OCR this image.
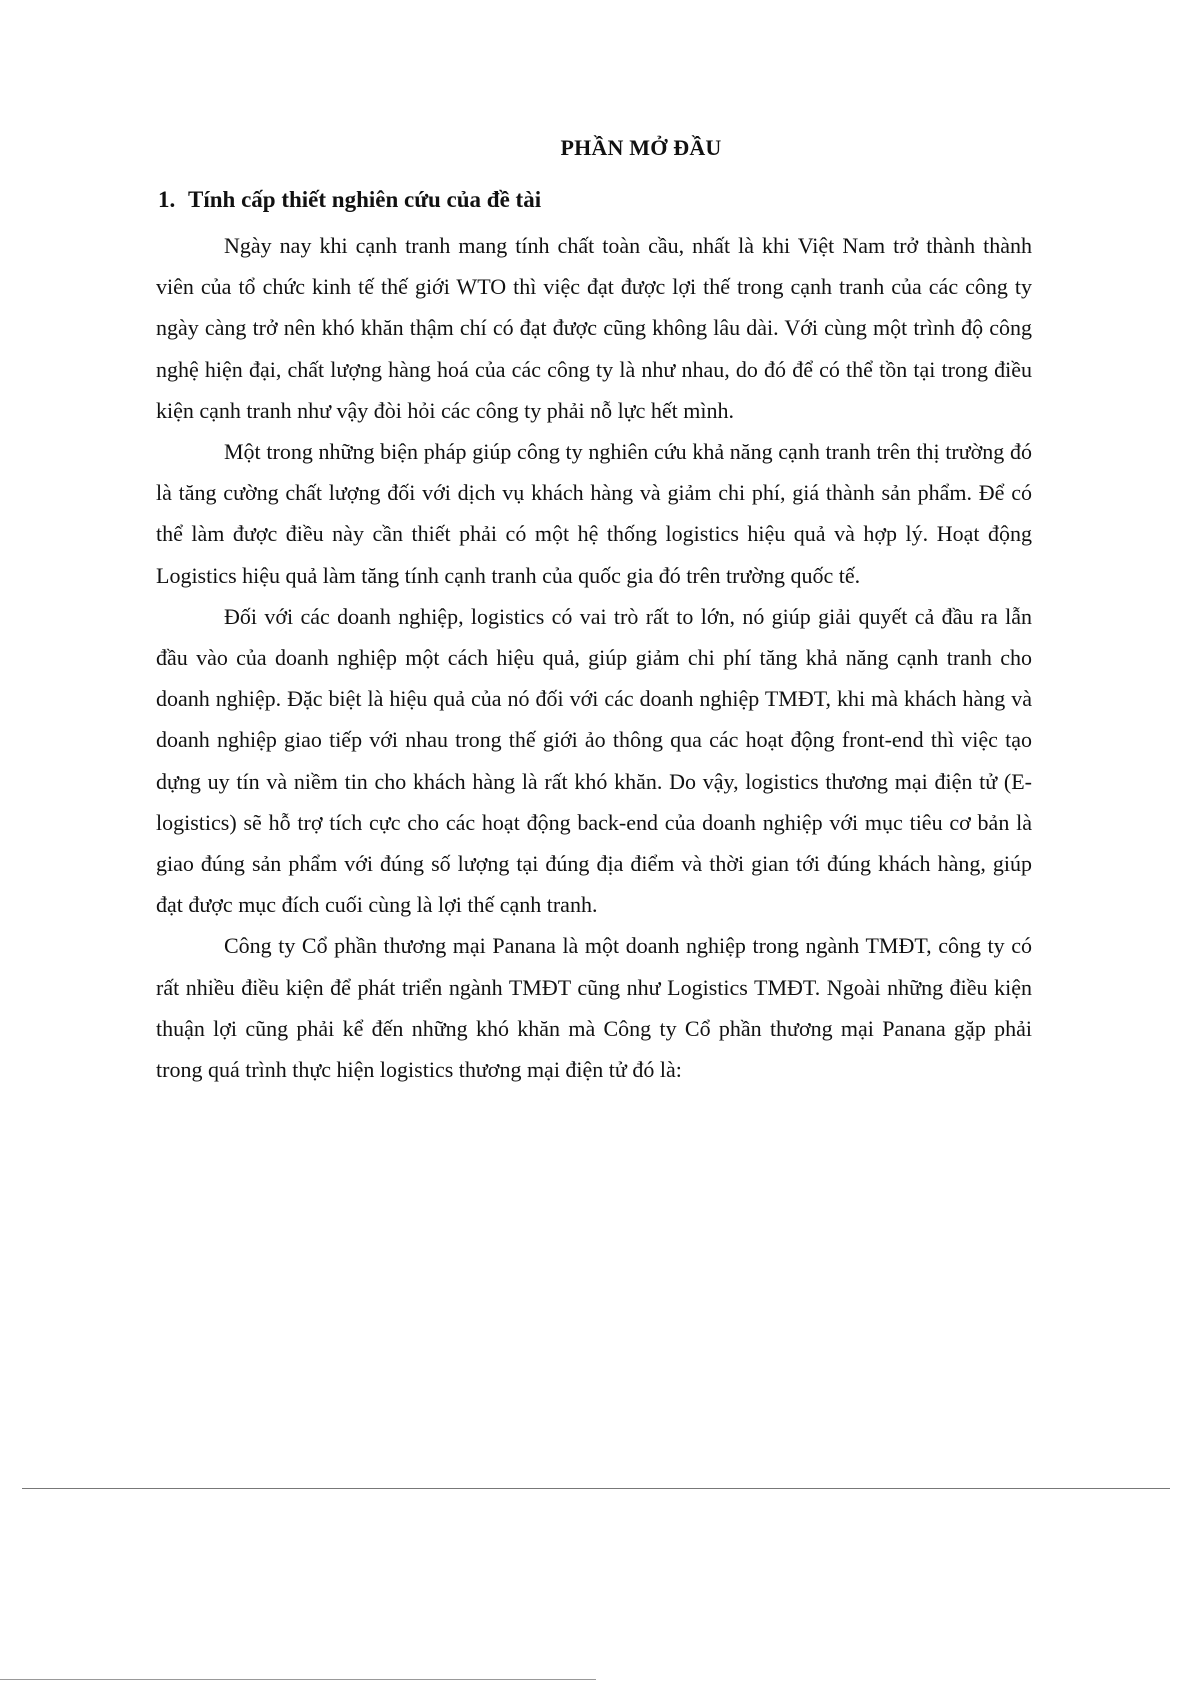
PHẦN MỞ ĐẦU
1. Tính cấp thiết nghiên cứu của đề tài

Ngày nay khi cạnh tranh mang tính chất toàn cầu, nhất là khi Việt Nam trở thành thành viên của tổ chức kinh tế thế giới WTO thì việc đạt được lợi thế trong cạnh tranh của các công ty ngày càng trở nên khó khăn thậm chí có đạt được cũng không lâu dài. Với cùng một trình độ công nghệ hiện đại, chất lượng hàng hoá của các công ty là như nhau, do đó để có thể tồn tại trong điều kiện cạnh tranh như vậy đòi hỏi các công ty phải nỗ lực hết mình.

Một trong những biện pháp giúp công ty nghiên cứu khả năng cạnh tranh trên thị trường đó là tăng cường chất lượng đối với dịch vụ khách hàng và giảm chi phí, giá thành sản phẩm. Để có thể làm được điều này cần thiết phải có một hệ thống logistics hiệu quả và hợp lý. Hoạt động Logistics hiệu quả làm tăng tính cạnh tranh của quốc gia đó trên trường quốc tế.

Đối với các doanh nghiệp, logistics có vai trò rất to lớn, nó giúp giải quyết cả đầu ra lẫn đầu vào của doanh nghiệp một cách hiệu quả, giúp giảm chi phí tăng khả năng cạnh tranh cho doanh nghiệp. Đặc biệt là hiệu quả của nó đối với các doanh nghiệp TMĐT, khi mà khách hàng và doanh nghiệp giao tiếp với nhau trong thế giới ảo thông qua các hoạt động front-end thì việc tạo dựng uy tín và niềm tin cho khách hàng là rất khó khăn. Do vậy, logistics thương mại điện tử (E-logistics) sẽ hỗ trợ tích cực cho các hoạt động back-end của doanh nghiệp với mục tiêu cơ bản là giao đúng sản phẩm với đúng số lượng tại đúng địa điểm và thời gian tới đúng khách hàng, giúp đạt được mục đích cuối cùng là lợi thế cạnh tranh.

Công ty Cổ phần thương mại Panana là một doanh nghiệp trong ngành TMĐT, công ty có rất nhiều điều kiện để phát triển ngành TMĐT cũng như Logistics TMĐT. Ngoài những điều kiện thuận lợi cũng phải kể đến những khó khăn mà Công ty Cổ phần thương mại Panana gặp phải trong quá trình thực hiện logistics thương mại điện tử đó là:
